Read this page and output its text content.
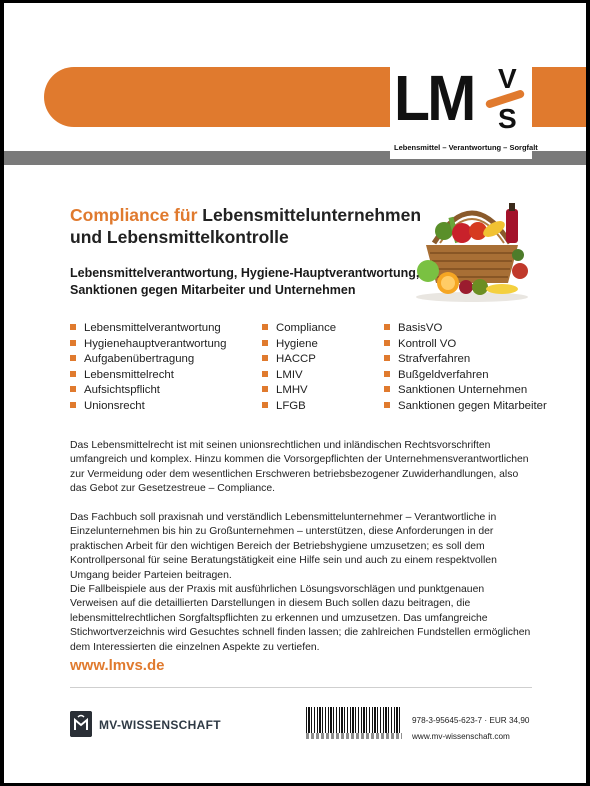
LM V
S
Lebensmittel – Verantwortung – Sorgfalt
Compliance für Lebensmittelunternehmen
und Lebensmittelkontrolle
Lebensmittelverantwortung, Hygiene-Hauptverantwortung,
Sanktionen gegen Mitarbeiter und Unternehmen
Lebensmittelverantwortung
Hygienehauptverantwortung
Aufgabenübertragung
Lebensmittelrecht
Aufsichtspflicht
Unionsrecht
Compliance
Hygiene
HACCP
LMIV
LMHV
LFGB
BasisVO
Kontroll VO
Strafverfahren
Bußgeldverfahren
Sanktionen Unternehmen
Sanktionen gegen Mitarbeiter

Das Lebensmittelrecht ist mit seinen unionsrechtlichen und inländischen Rechtsvorschriften umfangreich und komplex. Hinzu kommen die Vorsorgepflichten der Unternehmensverantwortlichen zur Vermeidung oder dem wesentlichen Erschweren betriebsbezogener Zuwiderhandlungen, also das Gebot zur Gesetzestreue – Compliance.

Das Fachbuch soll praxisnah und verständlich Lebensmittelunternehmer – Verantwortliche in Einzelunternehmen bis hin zu Großunternehmen – unterstützen, diese Anforderungen in der praktischen Arbeit für den wichtigen Bereich der Betriebshygiene umzusetzen; es soll dem Kontrollpersonal für seine Beratungstätigkeit eine Hilfe sein und auch zu einem respektvollen Umgang beider Parteien beitragen.

Die Fallbeispiele aus der Praxis mit ausführlichen Lösungsvorschlägen und punktgenauen Verweisen auf die detaillierten Darstellungen in diesem Buch sollen dazu beitragen, die lebensmittelrechtlichen Sorgfaltspflichten zu erkennen und umzusetzen. Das umfangreiche Stichwortverzeichnis wird Gesuchtes schnell finden lassen; die zahlreichen Fundstellen ermöglichen dem Interessierten die einzelnen Aspekte zu vertiefen.

www.lmvs.de
MV-WISSENSCHAFT	978-3-95645-623-7 · EUR 34,90
www.mv-wissenschaft.com
